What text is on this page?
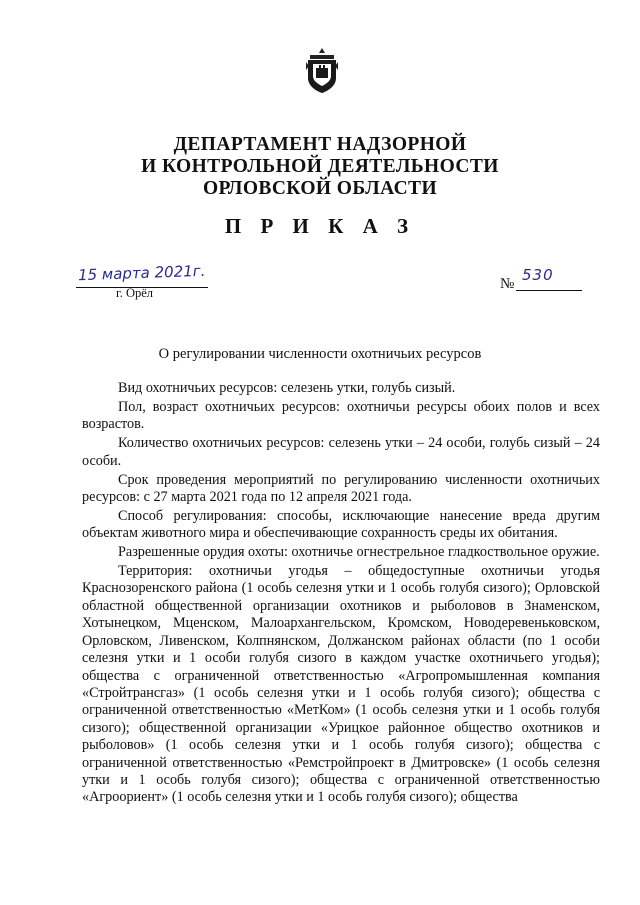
ДЕПАРТАМЕНТ НАДЗОРНОЙ
И КОНТРОЛЬНОЙ ДЕЯТЕЛЬНОСТИ
ОРЛОВСКОЙ ОБЛАСТИ
П Р И К А З
15 марта 2021г.
г. Орёл
№ 530
О регулировании численности охотничьих ресурсов

Вид охотничьих ресурсов: селезень утки, голубь сизый.

Пол, возраст охотничьих ресурсов: охотничьи ресурсы обоих полов и всех возрастов.

Количество охотничьих ресурсов: селезень утки – 24 особи, голубь сизый – 24 особи.

Срок проведения мероприятий по регулированию численности охотничьих ресурсов: с 27 марта 2021 года по 12 апреля 2021 года.

Способ регулирования: способы, исключающие нанесение вреда другим объектам животного мира и обеспечивающие сохранность среды их обитания.

Разрешенные орудия охоты: охотничье огнестрельное гладкоствольное оружие.

Территория: охотничьи угодья – общедоступные охотничьи угодья Краснозоренского района (1 особь селезня утки и 1 особь голубя сизого); Орловской областной общественной организации охотников и рыболовов в Знаменском, Хотынецком, Мценском, Малоархангельском, Кромском, Новодеревеньковском, Орловском, Ливенском, Колпнянском, Должанском районах области (по 1 особи селезня утки и 1 особи голубя сизого в каждом участке охотничьего угодья); общества с ограниченной ответственностью «Агропромышленная компания «Стройтрансгаз» (1 особь селезня утки и 1 особь голубя сизого); общества с ограниченной ответственностью «МетКом» (1 особь селезня утки и 1 особь голубя сизого); общественной организации «Урицкое районное общество охотников и рыболовов» (1 особь селезня утки и 1 особь голубя сизого); общества с ограниченной ответственностью «Ремстройпроект в Дмитровске» (1 особь селезня утки и 1 особь голубя сизого); общества с ограниченной ответственностью «Агроориент» (1 особь селезня утки и 1 особь голубя сизого); общества
